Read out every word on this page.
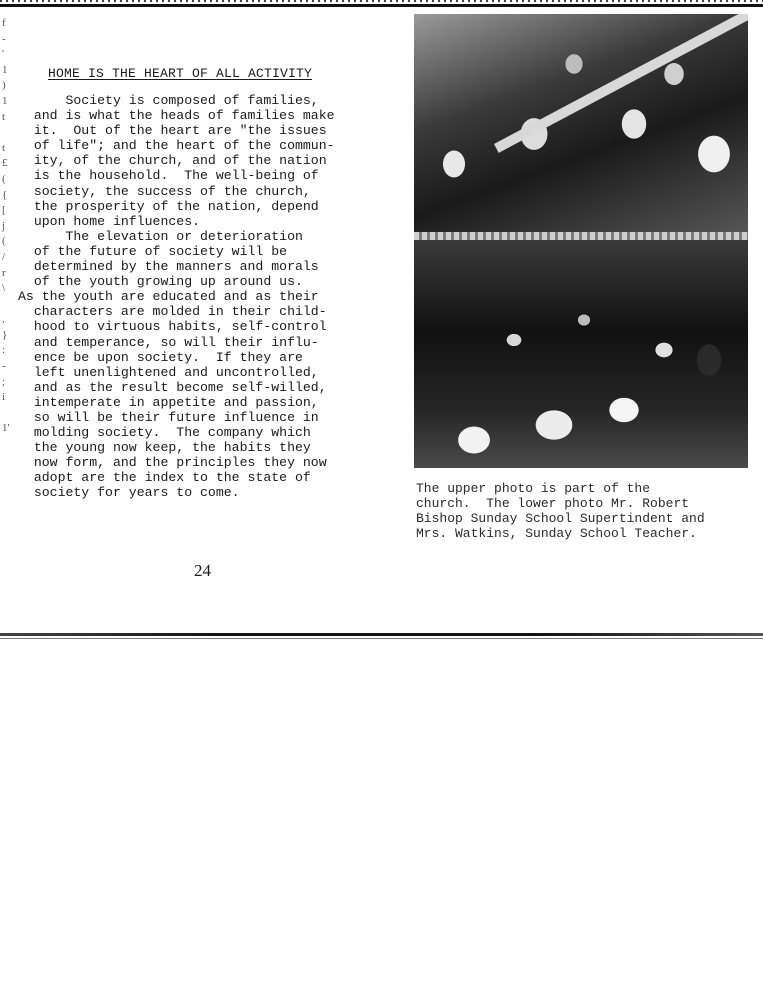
f
-
'
1
)
1
t
t
£
(
{
[
j
(
/
r
\
,
}
:
-
;
i
1'
HOME IS THE HEART OF ALL ACTIVITY
Society is composed of families,
and is what the heads of families make
it.  Out of the heart are "the issues
of life"; and the heart of the commun-
ity, of the church, and of the nation
is the household.  The well-being of
society, the success of the church,
the prosperity of the nation, depend
upon home influences.
The elevation or deterioration
of the future of society will be
determined by the manners and morals
of the youth growing up around us.
As the youth are educated and as their
characters are molded in their child-
hood to virtuous habits, self-control
and temperance, so will their influ-
ence be upon society.  If they are
left unenlightened and uncontrolled,
and as the result become self-willed,
intemperate in appetite and passion,
so will be their future influence in
molding society.  The company which
the young now keep, the habits they
now form, and the principles they now
adopt are the index to the state of
society for years to come.
24
The upper photo is part of the
church.  The lower photo Mr. Robert
Bishop Sunday School Supertindent and
Mrs. Watkins, Sunday School Teacher.
